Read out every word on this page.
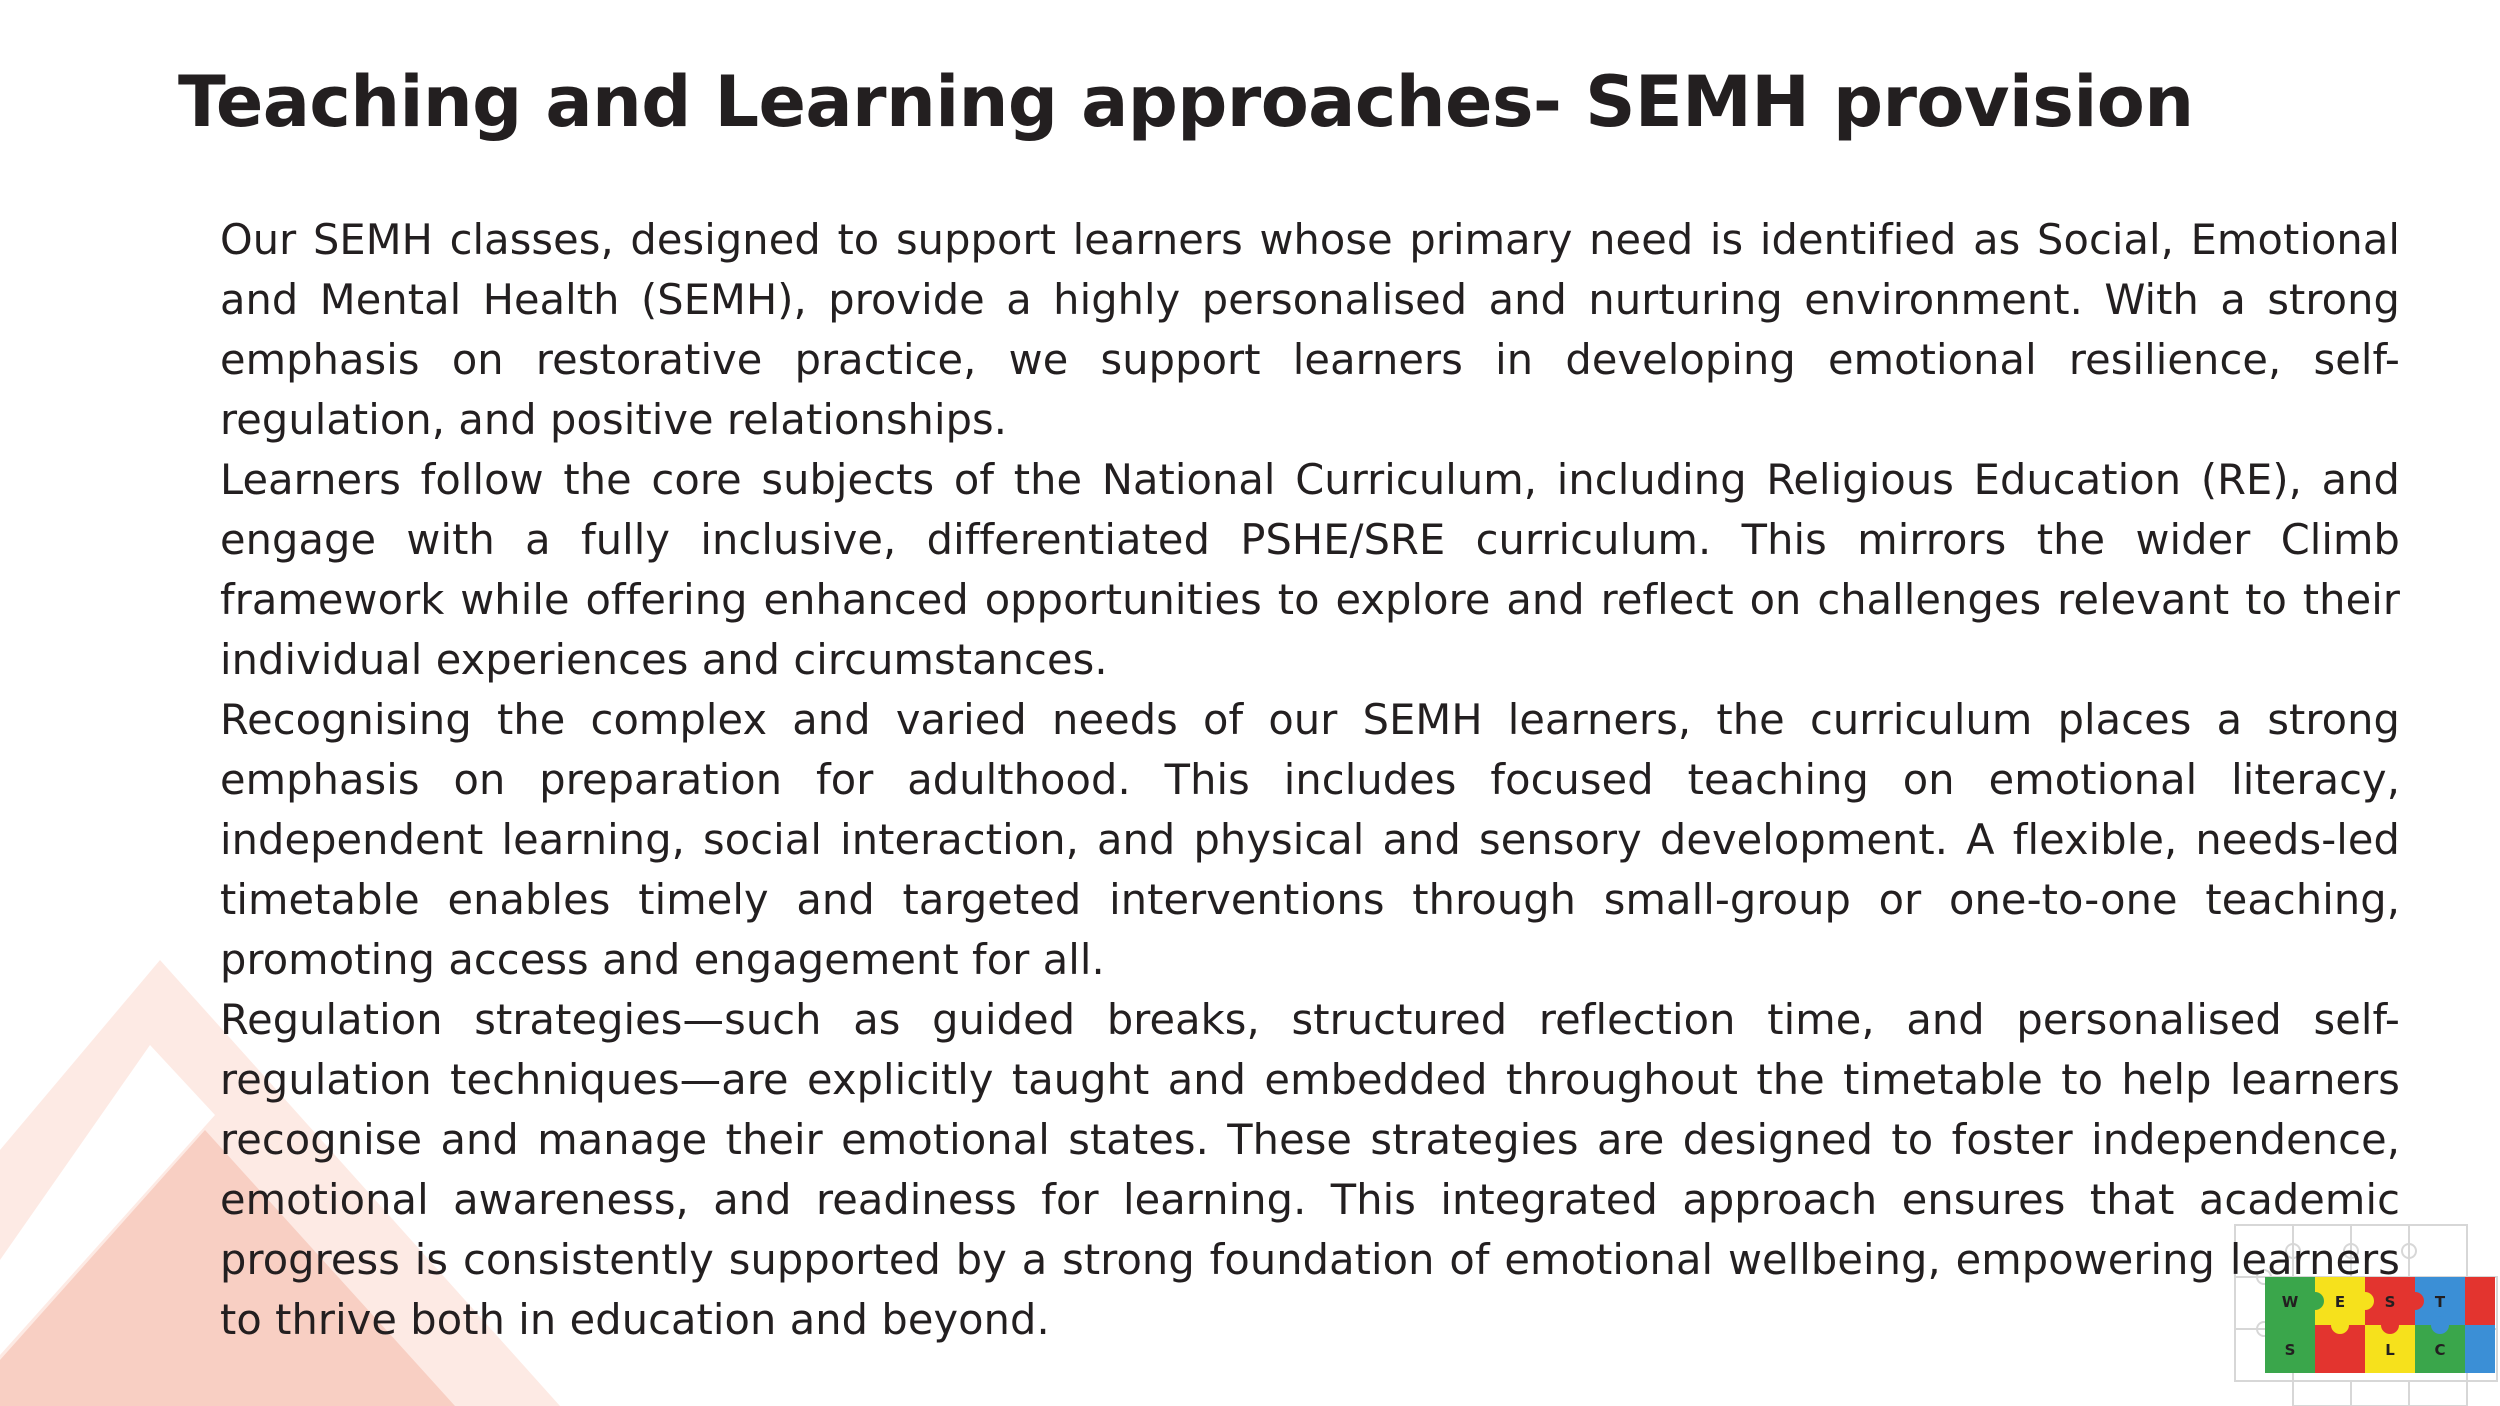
W E	S	T
S	L	C
Teaching and Learning approaches- SEMH provision

Our SEMH classes, designed to support learners whose primary need is identified as Social, Emotional and Mental Health (SEMH), provide a highly personalised and nurturing environment. With a strong emphasis on restorative practice, we support learners in developing emotional resilience, self-regulation, and positive relationships.

Learners follow the core subjects of the National Curriculum, including Religious Education (RE), and engage with a fully inclusive, differentiated PSHE/SRE curriculum. This mirrors the wider Climb framework while offering enhanced opportunities to explore and reflect on challenges relevant to their individual experiences and circumstances.

Recognising the complex and varied needs of our SEMH learners, the curriculum places a strong emphasis on preparation for adulthood. This includes focused teaching on emotional literacy, independent learning, social interaction, and physical and sensory development. A flexible, needs-led timetable enables timely and targeted interventions through small-group or one-to-one teaching, promoting access and engagement for all.

Regulation strategies—such as guided breaks, structured reflection time, and personalised self-regulation techniques—are explicitly taught and embedded throughout the timetable to help learners recognise and manage their emotional states. These strategies are designed to foster independence, emotional awareness, and readiness for learning. This integrated approach ensures that academic progress is consistently supported by a strong foundation of emotional wellbeing, empowering learners to thrive both in education and beyond.
